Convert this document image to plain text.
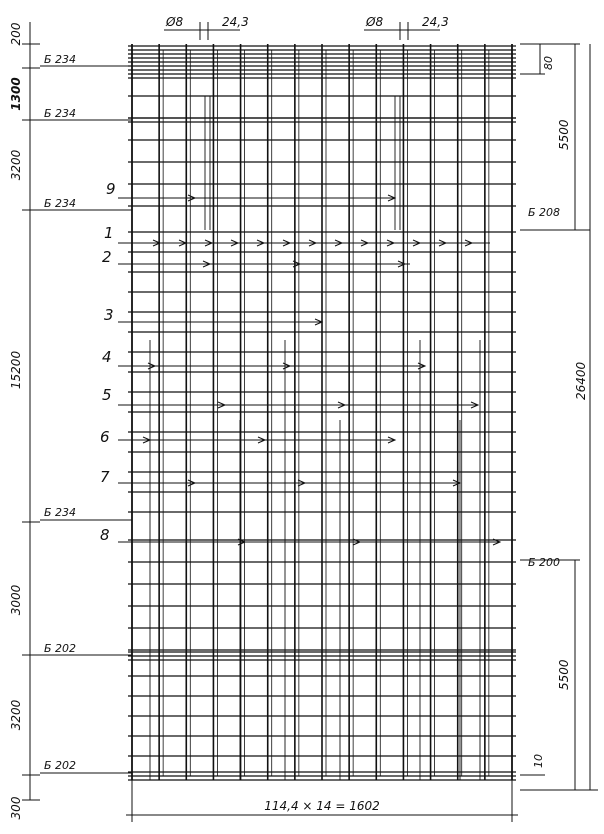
200
1300
3200
15200
3000
3200
300
Б 234
Б 234
Б 234
Б 234
Б 202
Б 202
Ø8	24,3	Ø8	24,3
80
5500
26400
5500
10
Б 208
Б 200
114,4 × 14 = 1602
9
1
2
3
4
5
6
7
8
